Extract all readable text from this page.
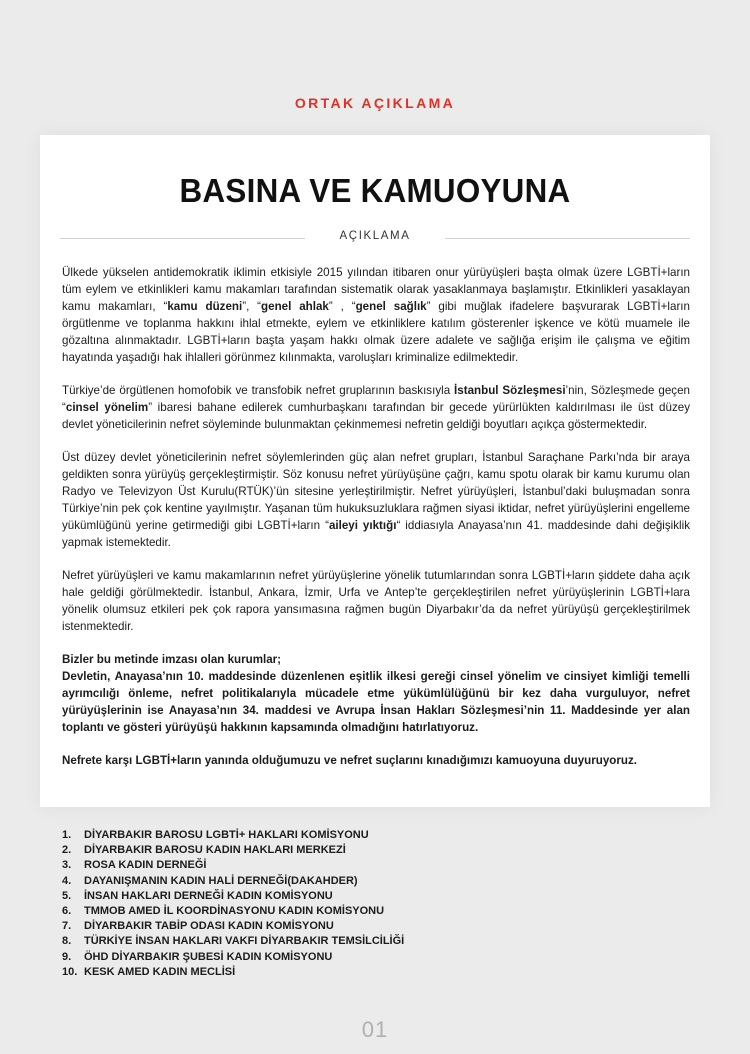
ORTAK AÇIKLAMA
BASINA VE KAMUOYUNA
AÇIKLAMA

Ülkede yükselen antidemokratik iklimin etkisiyle 2015 yılından itibaren onur yürüyüşleri başta olmak üzere LGBTİ+ların tüm eylem ve etkinlikleri kamu makamları tarafından sistematik olarak yasaklanmaya başlamıştır. Etkinlikleri yasaklayan kamu makamları, “kamu düzeni”, “genel ahlak” , “genel sağlık” gibi muğlak ifadelere başvurarak LGBTİ+ların örgütlenme ve toplanma hakkını ihlal etmekte, eylem ve etkinliklere katılım gösterenler işkence ve kötü muamele ile gözaltına alınmaktadır. LGBTİ+ların başta yaşam hakkı olmak üzere adalete ve sağlığa erişim ile çalışma ve eğitim hayatında yaşadığı hak ihlalleri görünmez kılınmakta, varoluşları kriminalize edilmektedir.

Türkiye’de örgütlenen homofobik ve transfobik nefret gruplarının baskısıyla İstanbul Sözleşmesi’nin, Sözleşmede geçen “cinsel yönelim” ibaresi bahane edilerek cumhurbaşkanı tarafından bir gecede yürürlükten kaldırılması ile üst düzey devlet yöneticilerinin nefret söyleminde bulunmaktan çekinmemesi nefretin geldiği boyutları açıkça göstermektedir.

Üst düzey devlet yöneticilerinin nefret söylemlerinden güç alan nefret grupları, İstanbul Saraçhane Parkı’nda bir araya geldikten sonra yürüyüş gerçekleştirmiştir. Söz konusu nefret yürüyüşüne çağrı, kamu spotu olarak bir kamu kurumu olan Radyo ve Televizyon Üst Kurulu(RTÜK)’ün sitesine yerleştirilmiştir. Nefret yürüyüşleri, İstanbul’daki buluşmadan sonra Türkiye’nin pek çok kentine yayılmıştır. Yaşanan tüm hukuksuzluklara rağmen siyasi iktidar, nefret yürüyüşlerini engelleme yükümlüğünü yerine getirmediği gibi LGBTİ+ların “aileyi yıktığı“ iddiasıyla Anayasa’nın 41. maddesinde dahi değişiklik yapmak istemektedir.

Nefret yürüyüşleri ve kamu makamlarının nefret yürüyüşlerine yönelik tutumlarından sonra LGBTİ+ların şiddete daha açık hale geldiği görülmektedir. İstanbul, Ankara, İzmir, Urfa ve Antep’te gerçekleştirilen nefret yürüyüşlerinin LGBTİ+lara yönelik olumsuz etkileri pek çok rapora yansımasına rağmen bugün Diyarbakır’da da nefret yürüyüşü gerçekleştirilmek istenmektedir.

Bizler bu metinde imzası olan kurumlar;
Devletin, Anayasa’nın 10. maddesinde düzenlenen eşitlik ilkesi gereği cinsel yönelim ve cinsiyet kimliği temelli ayrımcılığı önleme, nefret politikalarıyla mücadele etme yükümlülüğünü bir kez daha vurguluyor, nefret yürüyüşlerinin ise Anayasa’nın 34. maddesi ve Avrupa İnsan Hakları Sözleşmesi’nin 11. Maddesinde yer alan toplantı ve gösteri yürüyüşü hakkının kapsamında olmadığını hatırlatıyoruz.

Nefrete karşı LGBTİ+ların yanında olduğumuzu ve nefret suçlarını kınadığımızı kamuoyuna duyuruyoruz.

1. DİYARBAKIR BAROSU LGBTİ+ HAKLARI KOMİSYONU
2. DİYARBAKIR BAROSU KADIN HAKLARI MERKEZİ
3. ROSA KADIN DERNEĞİ
4. DAYANIŞMANIN KADIN HALİ DERNEĞİ(DAKAHDER)
5. İNSAN HAKLARI DERNEĞİ KADIN KOMİSYONU
6. TMMOB AMED İL KOORDİNASYONU KADIN KOMİSYONU
7. DİYARBAKIR TABİP ODASI KADIN KOMİSYONU
8. TÜRKİYE İNSAN HAKLARI VAKFI DİYARBAKIR TEMSİLCİLİĞİ
9. ÖHD DİYARBAKIR ŞUBESİ KADIN KOMİSYONU
10. KESK AMED KADIN MECLİSİ
01
